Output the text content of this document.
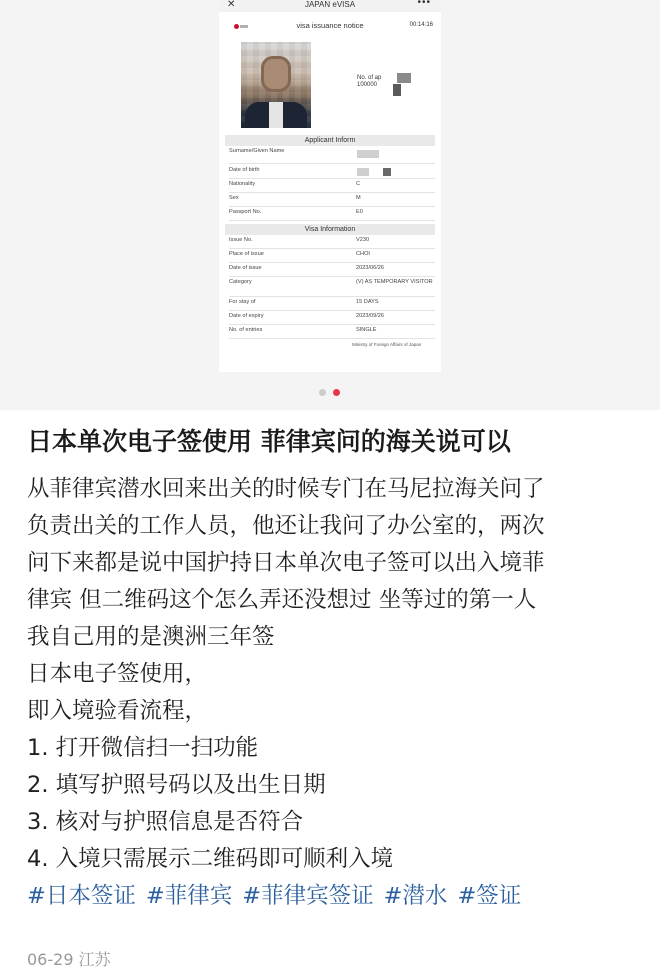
✕	JAPAN eVISA	•••
visa issuance notice	00:14:16
No. of ap
100000
Applicant Inform
Surname/Given Name
Date of birth
Nationality	C
Sex	M
Passport No.	E0
Visa Information
Issue No.	V230
Place of issue	CHOI
Date of issue	2023/06/26
Category	(V) AS TEMPORARY VISITOR
For stay of	15 DAYS
Date of expiry	2023/09/26
No. of entries	SINGLE
Ministry of Foreign Affairs of Japan
日本单次电子签使用 菲律宾问的海关说可以
从菲律宾潜水回来出关的时候专门在马尼拉海关问了
负责出关的工作人员，他还让我问了办公室的，两次
问下来都是说中国护持日本单次电子签可以出入境菲
律宾 但二维码这个怎么弄还没想过 坐等过的第一人
我自己用的是澳洲三年签
日本电子签使用，
即入境验看流程，
1. 打开微信扫一扫功能
2. 填写护照号码以及出生日期
3. 核对与护照信息是否符合
4. 入境只需展示二维码即可顺利入境
#日本签证 #菲律宾 #菲律宾签证 #潜水 #签证
06-29 江苏
